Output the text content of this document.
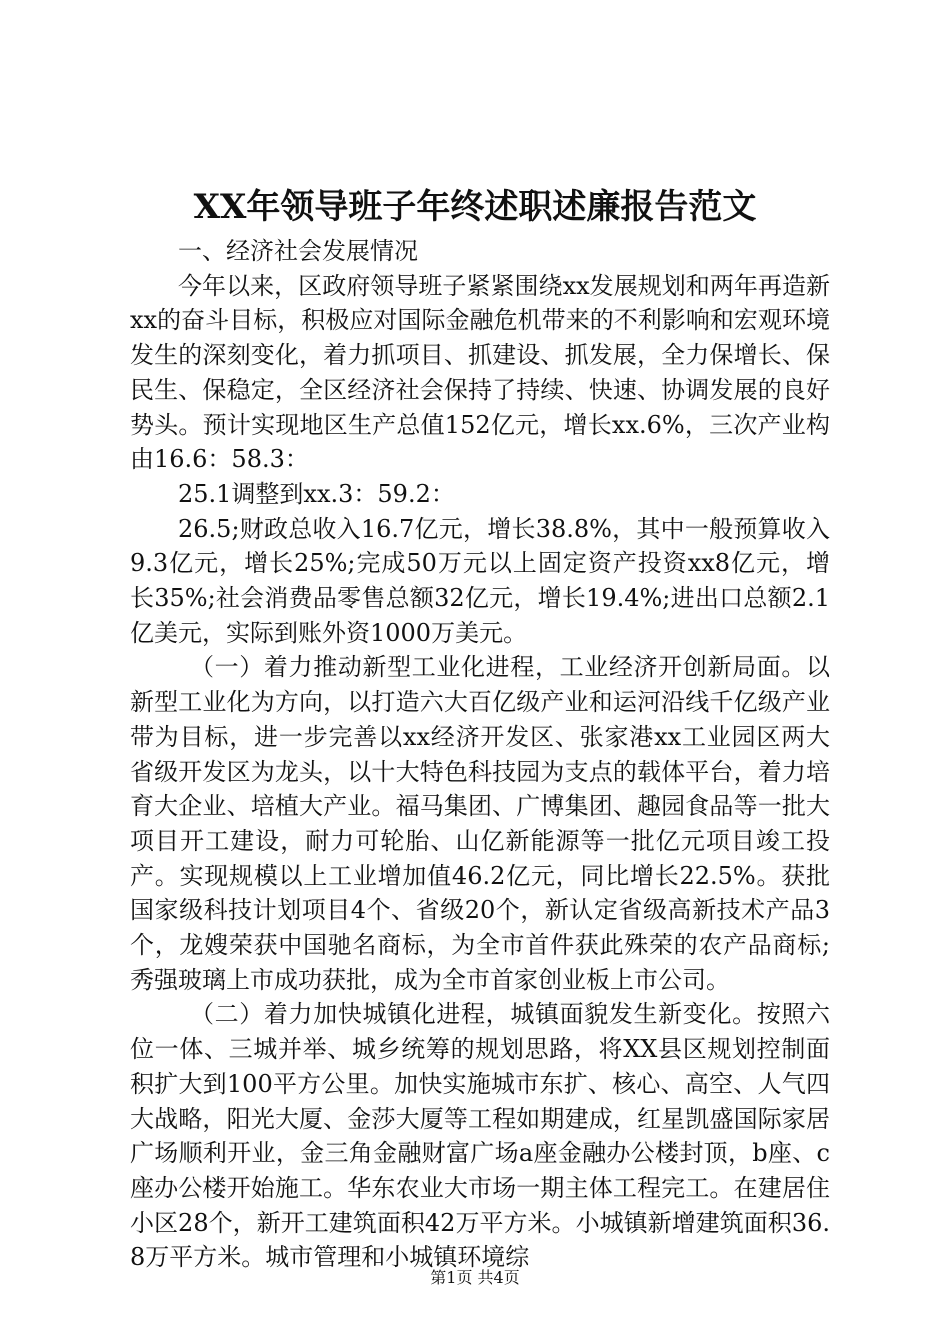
XX年领导班子年终述职述廉报告范文

一、经济社会发展情况

今年以来，区政府领导班子紧紧围绕xx发展规划和两年再造新xx的奋斗目标，积极应对国际金融危机带来的不利影响和宏观环境发生的深刻变化，着力抓项目、抓建设、抓发展，全力保增长、保民生、保稳定，全区经济社会保持了持续、快速、协调发展的良好势头。预计实现地区生产总值152亿元，增长xx.6%，三次产业构由16.6：58.3：

25.1调整到xx.3：59.2：

26.5;财政总收入16.7亿元，增长38.8%，其中一般预算收入9.3亿元，增长25%;完成50万元以上固定资产投资xx8亿元，增长35%;社会消费品零售总额32亿元，增长19.4%;进出口总额2.1亿美元，实际到账外资1000万美元。

（一）着力推动新型工业化进程，工业经济开创新局面。以新型工业化为方向，以打造六大百亿级产业和运河沿线千亿级产业带为目标，进一步完善以xx经济开发区、张家港xx工业园区两大省级开发区为龙头，以十大特色科技园为支点的载体平台，着力培育大企业、培植大产业。福马集团、广博集团、趣园食品等一批大项目开工建设，耐力可轮胎、山亿新能源等一批亿元项目竣工投产。实现规模以上工业增加值46.2亿元，同比增长22.5%。获批国家级科技计划项目4个、省级20个，新认定省级高新技术产品3个，龙嫂荣获中国驰名商标，为全市首件获此殊荣的农产品商标;秀强玻璃上市成功获批，成为全市首家创业板上市公司。

（二）着力加快城镇化进程，城镇面貌发生新变化。按照六位一体、三城并举、城乡统筹的规划思路，将XX县区规划控制面积扩大到100平方公里。加快实施城市东扩、核心、高空、人气四大战略，阳光大厦、金莎大厦等工程如期建成，红星凯盛国际家居广场顺利开业，金三角金融财富广场a座金融办公楼封顶，b座、c座办公楼开始施工。华东农业大市场一期主体工程完工。在建居住小区28个，新开工建筑面积42万平方米。小城镇新增建筑面积36.8万平方米。城市管理和小城镇环境综

第1页 共4页
